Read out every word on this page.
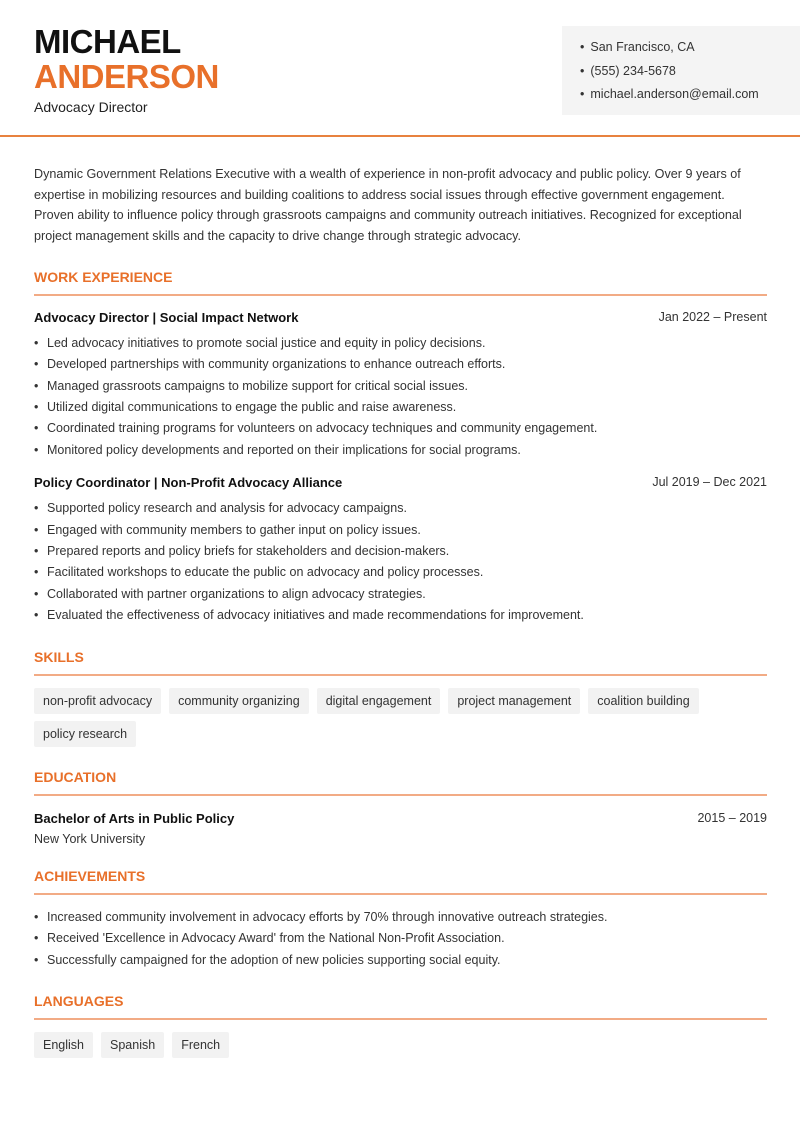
MICHAEL
ANDERSON
Advocacy Director
• San Francisco, CA
• (555) 234-5678
• michael.anderson@email.com

Dynamic Government Relations Executive with a wealth of experience in non-profit advocacy and public policy. Over 9 years of expertise in mobilizing resources and building coalitions to address social issues through effective government engagement. Proven ability to influence policy through grassroots campaigns and community outreach initiatives. Recognized for exceptional project management skills and the capacity to drive change through strategic advocacy.

WORK EXPERIENCE
Advocacy Director | Social Impact Network	Jan 2022 – Present
• Led advocacy initiatives to promote social justice and equity in policy decisions.
• Developed partnerships with community organizations to enhance outreach efforts.
• Managed grassroots campaigns to mobilize support for critical social issues.
• Utilized digital communications to engage the public and raise awareness.
• Coordinated training programs for volunteers on advocacy techniques and community engagement.
• Monitored policy developments and reported on their implications for social programs.
Policy Coordinator | Non-Profit Advocacy Alliance	Jul 2019 – Dec 2021
• Supported policy research and analysis for advocacy campaigns.
• Engaged with community members to gather input on policy issues.
• Prepared reports and policy briefs for stakeholders and decision-makers.
• Facilitated workshops to educate the public on advocacy and policy processes.
• Collaborated with partner organizations to align advocacy strategies.
• Evaluated the effectiveness of advocacy initiatives and made recommendations for improvement.
SKILLS
non-profit advocacy	community organizing	digital engagement	project management	coalition building
policy research
EDUCATION
Bachelor of Arts in Public Policy	2015 – 2019
New York University
ACHIEVEMENTS
• Increased community involvement in advocacy efforts by 70% through innovative outreach strategies.
• Received 'Excellence in Advocacy Award' from the National Non-Profit Association.
• Successfully campaigned for the adoption of new policies supporting social equity.
LANGUAGES
English	Spanish	French
